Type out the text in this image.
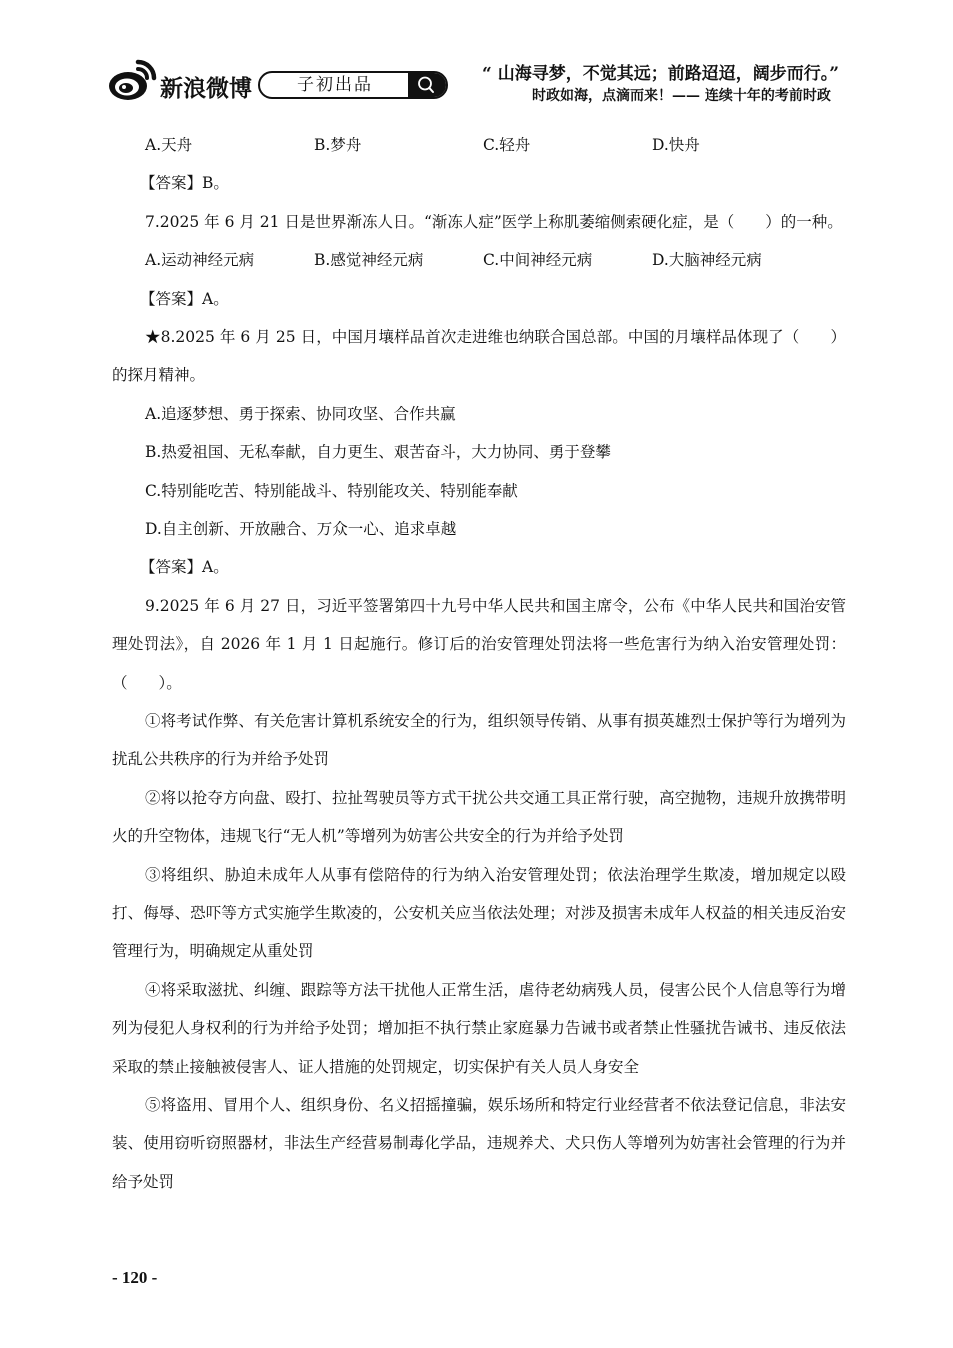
新浪微博	子初出品
“ 山海寻梦，不觉其远；前路迢迢，阔步而行。”
时政如海，点滴而来！—— 连续十年的考前时政
A.天舟	B.梦舟	C.轻舟	D.快舟
【答案】B。
7.2025 年 6 月 21 日是世界渐冻人日。“渐冻人症”医学上称肌萎缩侧索硬化症，是（　　）的一种。
A.运动神经元病	B.感觉神经元病	C.中间神经元病	D.大脑神经元病
【答案】A。
★8.2025 年 6 月 25 日，中国月壤样品首次走进维也纳联合国总部。中国的月壤样品体现了（　　）的探月精神。
A.追逐梦想、勇于探索、协同攻坚、合作共赢
B.热爱祖国、无私奉献，自力更生、艰苦奋斗，大力协同、勇于登攀
C.特别能吃苦、特别能战斗、特别能攻关、特别能奉献
D.自主创新、开放融合、万众一心、追求卓越
【答案】A。
9.2025 年 6 月 27 日，习近平签署第四十九号中华人民共和国主席令，公布《中华人民共和国治安管理处罚法》，自 2026 年 1 月 1 日起施行。修订后的治安管理处罚法将一些危害行为纳入治安管理处罚：（　　）。
①将考试作弊、有关危害计算机系统安全的行为，组织领导传销、从事有损英雄烈士保护等行为增列为扰乱公共秩序的行为并给予处罚
②将以抢夺方向盘、殴打、拉扯驾驶员等方式干扰公共交通工具正常行驶，高空抛物，违规升放携带明火的升空物体，违规飞行“无人机”等增列为妨害公共安全的行为并给予处罚
③将组织、胁迫未成年人从事有偿陪侍的行为纳入治安管理处罚；依法治理学生欺凌，增加规定以殴打、侮辱、恐吓等方式实施学生欺凌的，公安机关应当依法处理；对涉及损害未成年人权益的相关违反治安管理行为，明确规定从重处罚
④将采取滋扰、纠缠、跟踪等方法干扰他人正常生活，虐待老幼病残人员，侵害公民个人信息等行为增列为侵犯人身权利的行为并给予处罚；增加拒不执行禁止家庭暴力告诫书或者禁止性骚扰告诫书、违反依法采取的禁止接触被侵害人、证人措施的处罚规定，切实保护有关人员人身安全
⑤将盗用、冒用个人、组织身份、名义招摇撞骗，娱乐场所和特定行业经营者不依法登记信息，非法安装、使用窃听窃照器材，非法生产经营易制毒化学品，违规养犬、犬只伤人等增列为妨害社会管理的行为并给予处罚
- 120 -
